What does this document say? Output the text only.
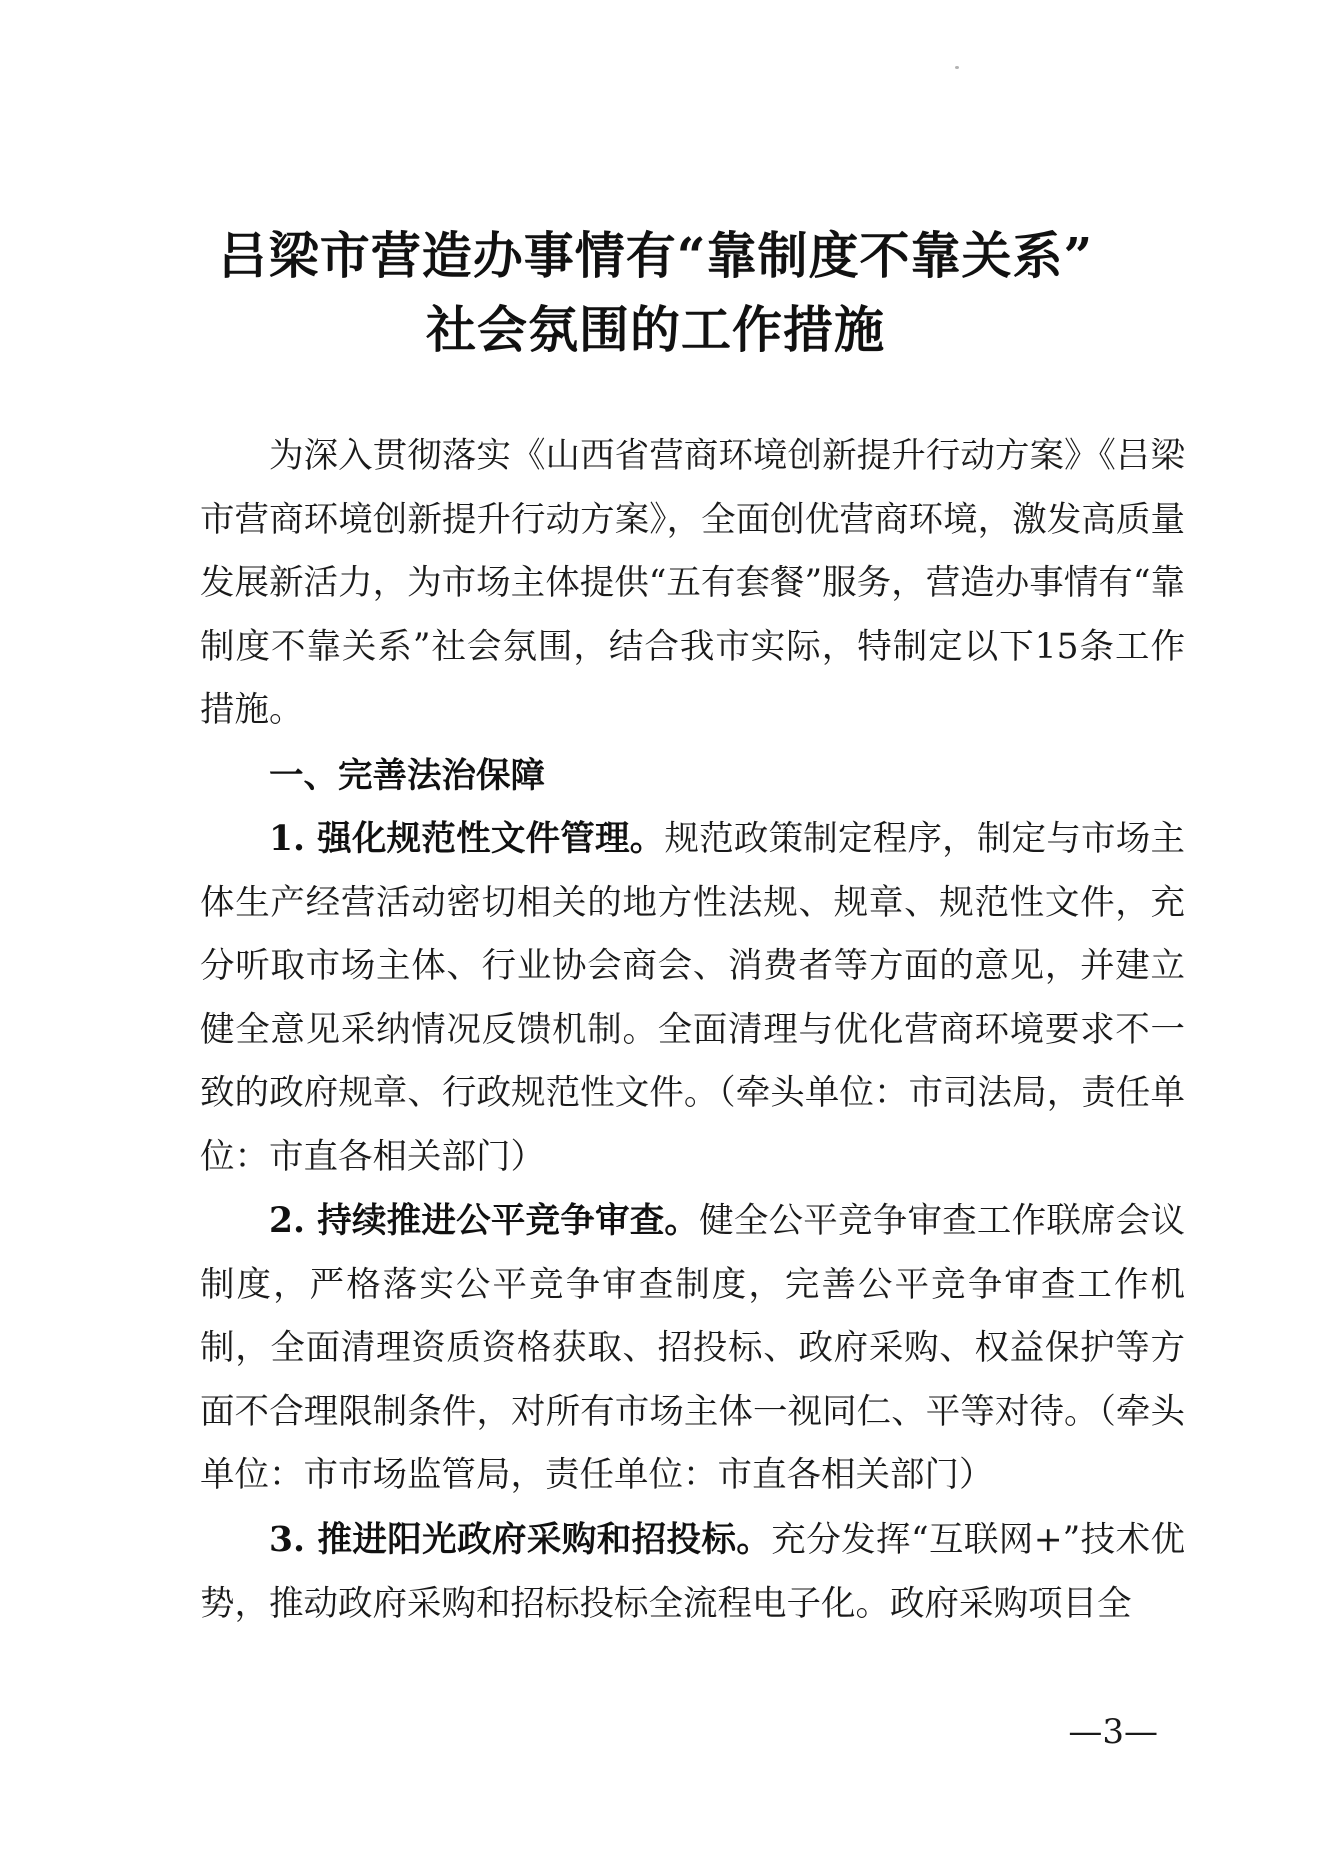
吕梁市营造办事情有“靠制度不靠关系”
社会氛围的工作措施
为深入贯彻落实《山西省营商环境创新提升行动方案》《吕梁市营商环境创新提升行动方案》，全面创优营商环境，激发高质量发展新活力，为市场主体提供“五有套餐”服务，营造办事情有“靠制度不靠关系”社会氛围，结合我市实际，特制定以下15条工作措施。
一、完善法治保障
1. 强化规范性文件管理。规范政策制定程序，制定与市场主体生产经营活动密切相关的地方性法规、规章、规范性文件，充分听取市场主体、行业协会商会、消费者等方面的意见，并建立健全意见采纳情况反馈机制。全面清理与优化营商环境要求不一致的政府规章、行政规范性文件。（牵头单位：市司法局，责任单位：市直各相关部门）
2. 持续推进公平竞争审查。健全公平竞争审查工作联席会议制度，严格落实公平竞争审查制度，完善公平竞争审查工作机制，全面清理资质资格获取、招投标、政府采购、权益保护等方面不合理限制条件，对所有市场主体一视同仁、平等对待。（牵头单位：市市场监管局，责任单位：市直各相关部门）
3. 推进阳光政府采购和招投标。充分发挥“互联网+”技术优势，推动政府采购和招标投标全流程电子化。政府采购项目全
—3—
